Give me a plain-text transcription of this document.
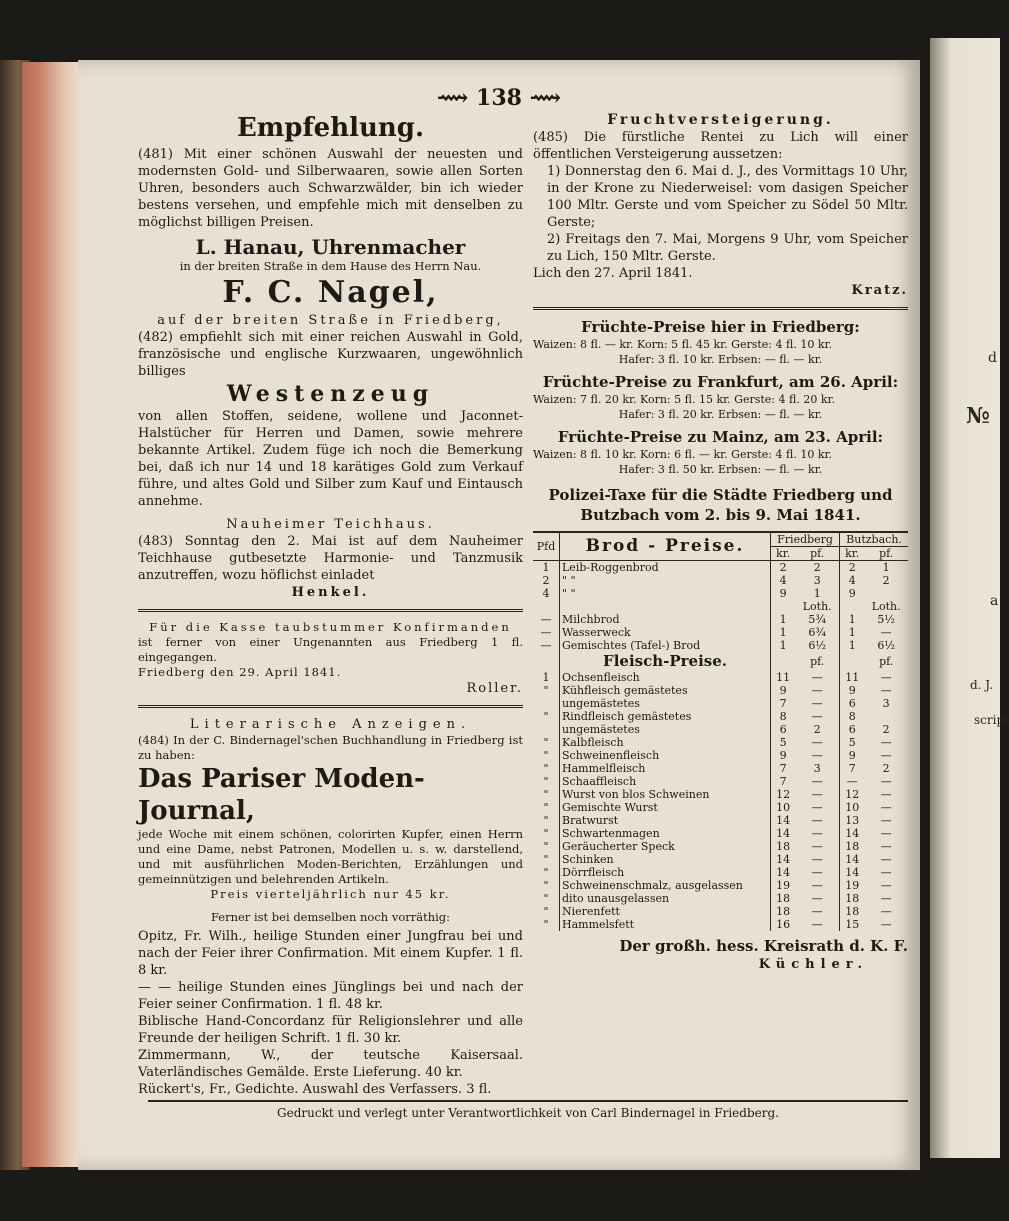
d
№
a
d. J.
script
⟿ 138 ⟿
Empfehlung.

(481) Mit einer schönen Auswahl der neuesten und modernsten Gold- und Silberwaaren, sowie allen Sorten Uhren, besonders auch Schwarzwälder, bin ich wieder bestens versehen, und empfehle mich mit denselben zu möglichst billigen Preisen.

L. Hanau, Uhrenmacher
in der breiten Straße in dem Hause des Herrn Nau.
F. C. Nagel,
auf der breiten Straße in Friedberg,

(482) empfiehlt sich mit einer reichen Auswahl in Gold, französische und englische Kurzwaaren, ungewöhnlich billiges

Westenzeug

von allen Stoffen, seidene, wollene und Jaconnet-Halstücher für Herren und Damen, sowie mehrere bekannte Artikel. Zudem füge ich noch die Bemerkung bei, daß ich nur 14 und 18 karätiges Gold zum Verkauf führe, und altes Gold und Silber zum Kauf und Eintausch annehme.

Nauheimer Teichhaus.

(483) Sonntag den 2. Mai ist auf dem Nauheimer Teichhause gutbesetzte Harmonie- und Tanzmusik anzutreffen, wozu höflichst einladet

Henkel.
Für die Kasse taubstummer Konfirmanden

ist ferner von einer Ungenannten aus Friedberg 1 fl. eingegangen.

Friedberg den 29. April 1841.
Roller.
Literarische Anzeigen.

(484) In der C. Bindernagel'schen Buchhandlung in Friedberg ist zu haben:

Das Pariser Moden-Journal,

jede Woche mit einem schönen, colorirten Kupfer, einen Herrn und eine Dame, nebst Patronen, Modellen u. s. w. darstellend, und mit ausführlichen Moden-Berichten, Erzählungen und gemeinnützigen und belehrenden Artikeln.

Preis vierteljährlich nur 45 kr.
Ferner ist bei demselben noch vorräthig:

Opitz, Fr. Wilh., heilige Stunden einer Jungfrau bei und nach der Feier ihrer Confirmation. Mit einem Kupfer. 1 fl. 8 kr.

— — heilige Stunden eines Jünglings bei und nach der Feier seiner Confirmation. 1 fl. 48 kr.

Biblische Hand-Concordanz für Religionslehrer und alle Freunde der heiligen Schrift. 1 fl. 30 kr.

Zimmermann, W., der teutsche Kaisersaal. Vaterländisches Gemälde. Erste Lieferung. 40 kr.

Rückert's, Fr., Gedichte. Auswahl des Verfassers. 3 fl.

Fruchtversteigerung.

(485) Die fürstliche Rentei zu Lich will einer öffentlichen Versteigerung aussetzen:

1) Donnerstag den 6. Mai d. J., des Vormittags 10 Uhr, in der Krone zu Niederweisel: vom dasigen Speicher 100 Mltr. Gerste und vom Speicher zu Södel 50 Mltr. Gerste;

2) Freitags den 7. Mai, Morgens 9 Uhr, vom Speicher zu Lich, 150 Mltr. Gerste.

Lich den 27. April 1841.
Kratz.
Früchte-Preise hier in Friedberg:
Waizen: 8 fl. — kr. Korn: 5 fl. 45 kr. Gerste: 4 fl. 10 kr.
Hafer: 3 fl. 10 kr. Erbsen: — fl. — kr.
Früchte-Preise zu Frankfurt, am 26. April:
Waizen: 7 fl. 20 kr. Korn: 5 fl. 15 kr. Gerste: 4 fl. 20 kr.
Hafer: 3 fl. 20 kr. Erbsen: — fl. — kr.
Früchte-Preise zu Mainz, am 23. April:
Waizen: 8 fl. 10 kr. Korn: 6 fl. — kr. Gerste: 4 fl. 10 kr.
Hafer: 3 fl. 50 kr. Erbsen: — fl. — kr.
Polizei-Taxe für die Städte Friedberg und Butzbach vom 2. bis 9. Mai 1841.
Pfd	Brod - Preise.	Friedberg		Butzbach.	
		kr.	pf.	kr.	pf.
1	Leib-Roggenbrod	2	2	2	1
2	" "	4	3	4	2
4	" "	9	1	9	
			Loth.		Loth.
—	Milchbrod	1	5¾	1	5½
—	Wasserweck	1	6¾	1	—
—	Gemischtes (Tafel-) Brod	1	6½	1	6½
	Fleisch-Preise.		pf.		pf.
1	Ochsenfleisch	11	—	11	—
"	Kühfleisch gemästetes	9	—	9	—
	ungemästetes	7	—	6	3
"	Rindfleisch gemästetes	8	—	8	
	ungemästetes	6	2	6	2
"	Kalbfleisch	5	—	5	—
"	Schweinenfleisch	9	—	9	—
"	Hammelfleisch	7	3	7	2
"	Schaaffleisch	7	—	—	—
"	Wurst von blos Schweinen	12	—	12	—
"	Gemischte Wurst	10	—	10	—
"	Bratwurst	14	—	13	—
"	Schwartenmagen	14	—	14	—
"	Geräucherter Speck	18	—	18	—
"	Schinken	14	—	14	—
"	Dörrfleisch	14	—	14	—
"	Schweinenschmalz, ausgelassen	19	—	19	—
"	dito unausgelassen	18	—	18	—
"	Nierenfett	18	—	18	—
"	Hammelsfett	16	—	15	—
Der großh. hess. Kreisrath d. K. F.
Küchler.
Gedruckt und verlegt unter Verantwortlichkeit von Carl Bindernagel in Friedberg.
